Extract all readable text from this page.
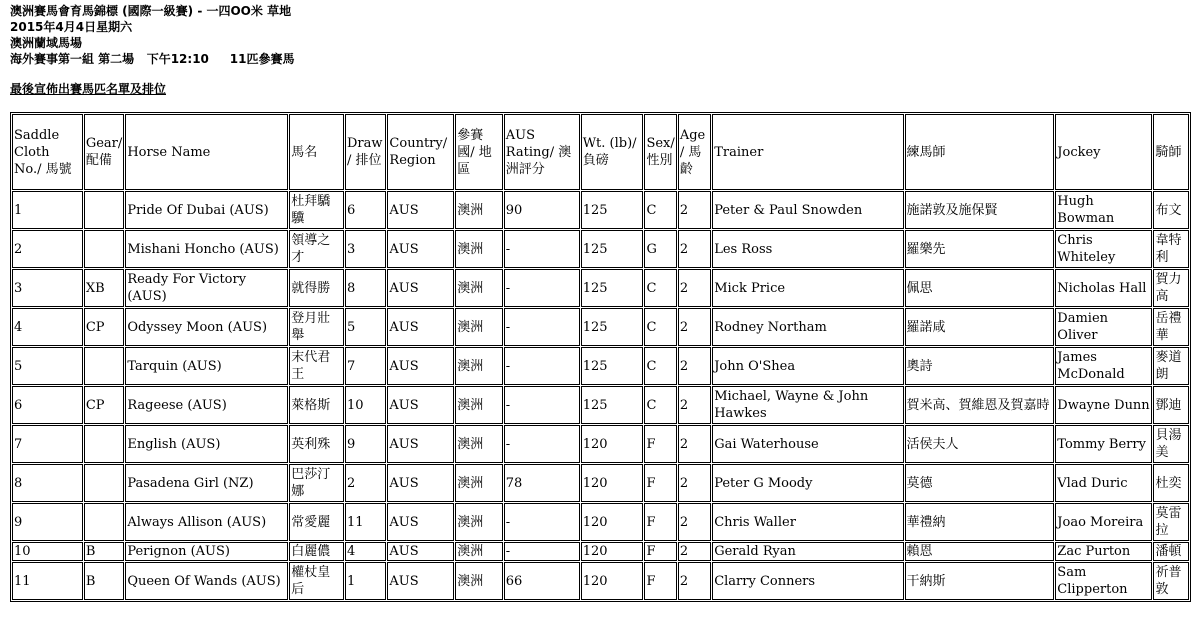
澳洲賽馬會育馬錦標 (國際一級賽) - 一四OO米 草地
2015年4月4日星期六
澳洲蘭域馬場
海外賽事第一組 第二場   下午12:10     11匹參賽馬
最後宣佈出賽馬匹名單及排位
Saddle Cloth No./ 馬號	Gear/ 配備	Horse Name	馬名	Draw/ 排位	Country/ Region	參賽 國/ 地區	AUS Rating/ 澳洲評分	Wt. (lb)/ 負磅	Sex/ 性別	Age/ 馬齡	Trainer	練馬師	Jockey	騎師
1		Pride Of Dubai (AUS)	杜拜驕驥	6	AUS	澳洲	90	125	C	2	Peter & Paul Snowden	施諾敦及施保賢	Hugh Bowman	布文
2		Mishani Honcho (AUS)	領導之才	3	AUS	澳洲	-	125	G	2	Les Ross	羅樂先	Chris Whiteley	韋特利
3	XB	Ready For Victory (AUS)	就得勝	8	AUS	澳洲	-	125	C	2	Mick Price	佩思	Nicholas Hall	賀力高
4	CP	Odyssey Moon (AUS)	登月壯舉	5	AUS	澳洲	-	125	C	2	Rodney Northam	羅諾咸	Damien Oliver	岳禮華
5		Tarquin (AUS)	末代君王	7	AUS	澳洲	-	125	C	2	John O'Shea	奧詩	James McDonald	麥道朗
6	CP	Rageese (AUS)	萊格斯	10	AUS	澳洲	-	125	C	2	Michael, Wayne & John Hawkes	賀米高、賀維恩及賀嘉時	Dwayne Dunn	鄧迪
7		English (AUS)	英利殊	9	AUS	澳洲	-	120	F	2	Gai Waterhouse	活侯夫人	Tommy Berry	貝湯美
8		Pasadena Girl (NZ)	巴莎汀娜	2	AUS	澳洲	78	120	F	2	Peter G Moody	莫德	Vlad Duric	杜奕
9		Always Allison (AUS)	常愛麗	11	AUS	澳洲	-	120	F	2	Chris Waller	華禮納	Joao Moreira	莫雷拉
10	B	Perignon (AUS)	白麗儂	4	AUS	澳洲	-	120	F	2	Gerald Ryan	賴恩	Zac Purton	潘頓
11	B	Queen Of Wands (AUS)	權杖皇后	1	AUS	澳洲	66	120	F	2	Clarry Conners	干納斯	Sam Clipperton	祈普敦
